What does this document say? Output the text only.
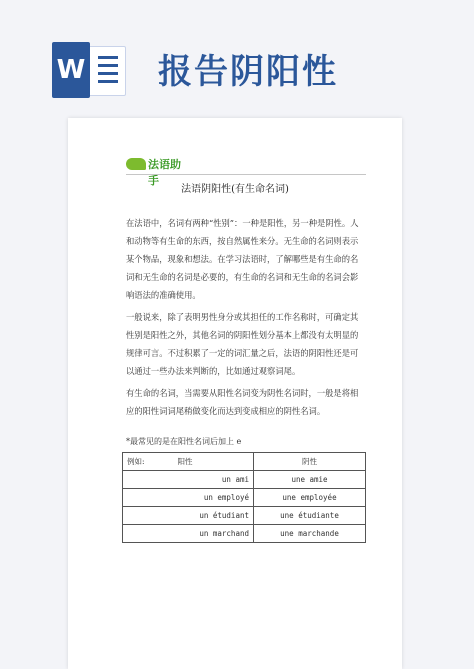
W 报告阴阳性
法语助手
法语阴阳性(有生命名词)

在法语中，名词有两种“性别”：一种是阳性，另一种是阴性。人和动物等有生命的东西，按自然属性来分。无生命的名词则表示某个物品，现象和想法。在学习法语时，了解哪些是有生命的名词和无生命的名词是必要的，有生命的名词和无生命的名词会影响语法的准确使用。

一般说来，除了表明男性身分或其担任的工作名称时，可确定其性别是阳性之外，其他名词的阴阳性划分基本上都没有太明显的规律可言。不过积累了一定的词汇量之后，法语的阴阳性还是可以通过一些办法来判断的，比如通过观察词尾。

有生命的名词，当需要从阳性名词变为阴性名词时，一般是将相应的阳性词词尾稍做变化而达到变成相应的阴性名词。

*最常见的是在阳性名词后加上 e
例如: 阳性	阴性
un ami	une amie
un employé	une employée
un étudiant	une étudiante
un marchand	une marchande
